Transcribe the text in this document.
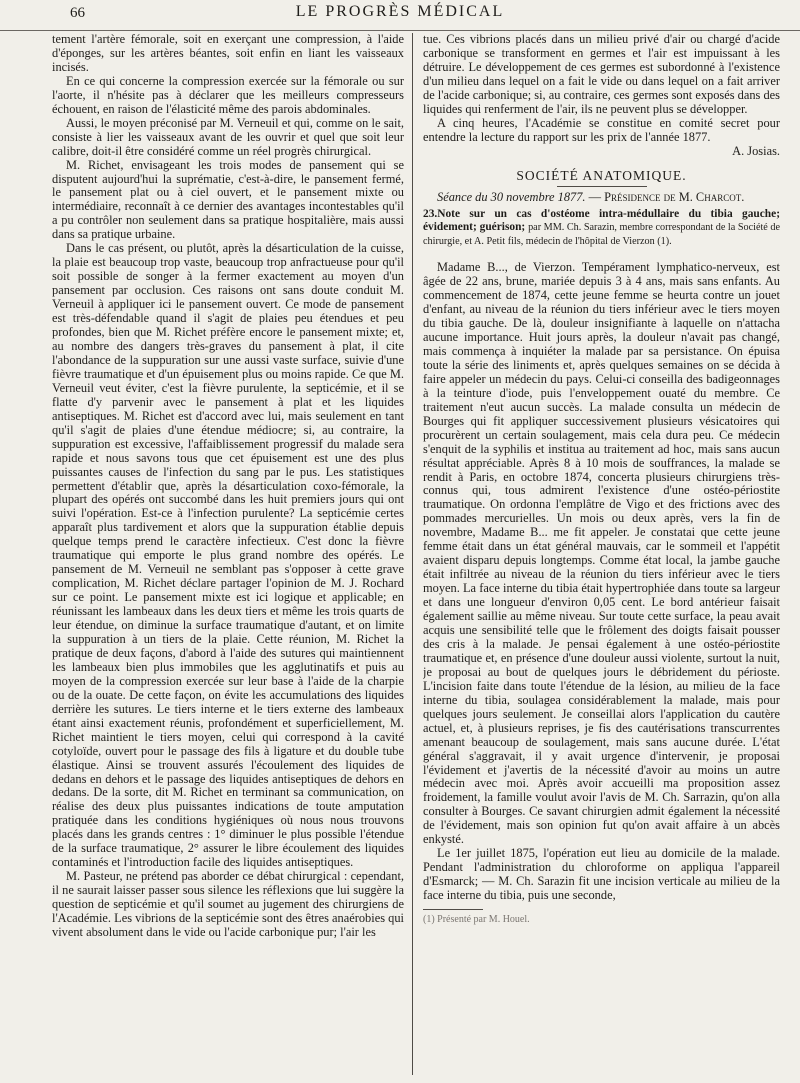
66	LE PROGRÈS MÉDICAL

tement l'artère fémorale, soit en exerçant une compression, à l'aide d'éponges, sur les artères béantes, soit enfin en liant les vaisseaux incisés.

En ce qui concerne la compression exercée sur la fémorale ou sur l'aorte, il n'hésite pas à déclarer que les meilleurs compresseurs échouent, en raison de l'élasticité même des parois abdominales.

Aussi, le moyen préconisé par M. Verneuil et qui, comme on le sait, consiste à lier les vaisseaux avant de les ouvrir et quel que soit leur calibre, doit-il être considéré comme un réel progrès chirurgical.

M. Richet, envisageant les trois modes de pansement qui se disputent aujourd'hui la suprématie, c'est-à-dire, le pansement fermé, le pansement plat ou à ciel ouvert, et le pansement mixte ou intermédiaire, reconnaît à ce dernier des avantages incontestables qu'il a pu contrôler non seulement dans sa pratique hospitalière, mais aussi dans sa pratique urbaine.

Dans le cas présent, ou plutôt, après la désarticulation de la cuisse, la plaie est beaucoup trop vaste, beaucoup trop anfractueuse pour qu'il soit possible de songer à la fermer exactement au moyen d'un pansement par occlusion. Ces raisons ont sans doute conduit M. Verneuil à appliquer ici le pansement ouvert. Ce mode de pansement est très-défendable quand il s'agit de plaies peu étendues et peu profondes, bien que M. Richet préfère encore le pansement mixte; et, au nombre des dangers très-graves du pansement à plat, il cite l'abondance de la suppuration sur une aussi vaste surface, suivie d'une fièvre traumatique et d'un épuisement plus ou moins rapide. Ce que M. Verneuil veut éviter, c'est la fièvre purulente, la septicémie, et il se flatte d'y parvenir avec le pansement à plat et les liquides antiseptiques. M. Richet est d'accord avec lui, mais seulement en tant qu'il s'agit de plaies d'une étendue médiocre; si, au contraire, la suppuration est excessive, l'affaiblissement progressif du malade sera rapide et nous savons tous que cet épuisement est une des plus puissantes causes de l'infection du sang par le pus. Les statistiques permettent d'établir que, après la désarticulation coxo-fémorale, la plupart des opérés ont succombé dans les huit premiers jours qui ont suivi l'opération. Est-ce à l'infection purulente? La septicémie certes apparaît plus tardivement et alors que la suppuration établie depuis quelque temps prend le caractère infectieux. C'est donc la fièvre traumatique qui emporte le plus grand nombre des opérés. Le pansement de M. Verneuil ne semblant pas s'opposer à cette grave complication, M. Richet déclare partager l'opinion de M. J. Rochard sur ce point. Le pansement mixte est ici logique et applicable; en réunissant les lambeaux dans les deux tiers et même les trois quarts de leur étendue, on diminue la surface traumatique d'autant, et on limite la suppuration à un tiers de la plaie. Cette réunion, M. Richet la pratique de deux façons, d'abord à l'aide des sutures qui maintiennent les lambeaux bien plus immobiles que les agglutinatifs et puis au moyen de la compression exercée sur leur base à l'aide de la charpie ou de la ouate. De cette façon, on évite les accumulations des liquides derrière les sutures. Le tiers interne et le tiers externe des lambeaux étant ainsi exactement réunis, profondément et superficiellement, M. Richet maintient le tiers moyen, celui qui correspond à la cavité cotyloïde, ouvert pour le passage des fils à ligature et du double tube élastique. Ainsi se trouvent assurés l'écoulement des liquides de dedans en dehors et le passage des liquides antiseptiques de dehors en dedans. De la sorte, dit M. Richet en terminant sa communication, on réalise des deux plus puissantes indications de toute amputation pratiquée dans les conditions hygiéniques où nous nous trouvons placés dans les grands centres : 1° diminuer le plus possible l'étendue de la surface traumatique, 2° assurer le libre écoulement des liquides contaminés et l'introduction facile des liquides antiseptiques.

M. Pasteur, ne prétend pas aborder ce débat chirurgical : cependant, il ne saurait laisser passer sous silence les réflexions que lui suggère la question de septicémie et qu'il soumet au jugement des chirurgiens de l'Académie. Les vibrions de la septicémie sont des êtres anaérobies qui vivent absolument dans le vide ou l'acide carbonique pur; l'air les

tue. Ces vibrions placés dans un milieu privé d'air ou chargé d'acide carbonique se transforment en germes et l'air est impuissant à les détruire. Le développement de ces germes est subordonné à l'existence d'un milieu dans lequel on a fait le vide ou dans lequel on a fait arriver de l'acide carbonique; si, au contraire, ces germes sont exposés dans des liquides qui renferment de l'air, ils ne peuvent plus se développer.

A cinq heures, l'Académie se constitue en comité secret pour entendre la lecture du rapport sur les prix de l'année 1877.

A. Josias.

SOCIÉTÉ ANATOMIQUE.

Séance du 30 novembre 1877. — Présidence de M. Charcot.

23.Note sur un cas d'ostéome intra-médullaire du tibia gauche; évidement; guérison; par MM. Ch. Sarazin, membre correspondant de la Société de chirurgie, et A. Petit fils, médecin de l'hôpital de Vierzon (1).

Madame B..., de Vierzon. Tempérament lymphatico-nerveux, est âgée de 22 ans, brune, mariée depuis 3 à 4 ans, mais sans enfants. Au commencement de 1874, cette jeune femme se heurta contre un jouet d'enfant, au niveau de la réunion du tiers inférieur avec le tiers moyen du tibia gauche. De là, douleur insignifiante à laquelle on n'attacha aucune importance. Huit jours après, la douleur n'avait pas changé, mais commença à inquiéter la malade par sa persistance. On épuisa toute la série des liniments et, après quelques semaines on se décida à faire appeler un médecin du pays. Celui-ci conseilla des badigeonnages à la teinture d'iode, puis l'enveloppement ouaté du membre. Ce traitement n'eut aucun succès. La malade consulta un médecin de Bourges qui fit appliquer successivement plusieurs vésicatoires qui procurèrent un certain soulagement, mais cela dura peu. Ce médecin s'enquit de la syphilis et institua au traitement ad hoc, mais sans aucun résultat appréciable. Après 8 à 10 mois de souffrances, la malade se rendit à Paris, en octobre 1874, concerta plusieurs chirurgiens très-connus qui, tous admirent l'existence d'une ostéo-périostite traumatique. On ordonna l'emplâtre de Vigo et des frictions avec des pommades mercurielles. Un mois ou deux après, vers la fin de novembre, Madame B... me fit appeler. Je constatai que cette jeune femme était dans un état général mauvais, car le sommeil et l'appétit avaient disparu depuis longtemps. Comme état local, la jambe gauche était infiltrée au niveau de la réunion du tiers inférieur avec le tiers moyen. La face interne du tibia était hypertrophiée dans toute sa largeur et dans une longueur d'environ 0,05 cent. Le bord antérieur faisait également saillie au même niveau. Sur toute cette surface, la peau avait acquis une sensibilité telle que le frôlement des doigts faisait pousser des cris à la malade. Je pensai également à une ostéo-périostite traumatique et, en présence d'une douleur aussi violente, surtout la nuit, je proposai au bout de quelques jours le débridement du périoste. L'incision faite dans toute l'étendue de la lésion, au milieu de la face interne du tibia, soulagea considérablement la malade, mais pour quelques jours seulement. Je conseillai alors l'application du cautère actuel, et, à plusieurs reprises, je fis des cautérisations transcurrentes amenant beaucoup de soulagement, mais sans aucune durée. L'état général s'aggravait, il y avait urgence d'intervenir, je proposai l'évidement et j'avertis de la nécessité d'avoir au moins un autre médecin avec moi. Après avoir accueilli ma proposition assez froidement, la famille voulut avoir l'avis de M. Ch. Sarrazin, qu'on alla consulter à Bourges. Ce savant chirurgien admit également la nécessité de l'évidement, mais son opinion fut qu'on avait affaire à un abcès enkysté.

Le 1er juillet 1875, l'opération eut lieu au domicile de la malade. Pendant l'administration du chloroforme on appliqua l'appareil d'Esmarck; — M. Ch. Sarazin fit une incision verticale au milieu de la face interne du tibia, puis une seconde,

(1) Présenté par M. Houel.
